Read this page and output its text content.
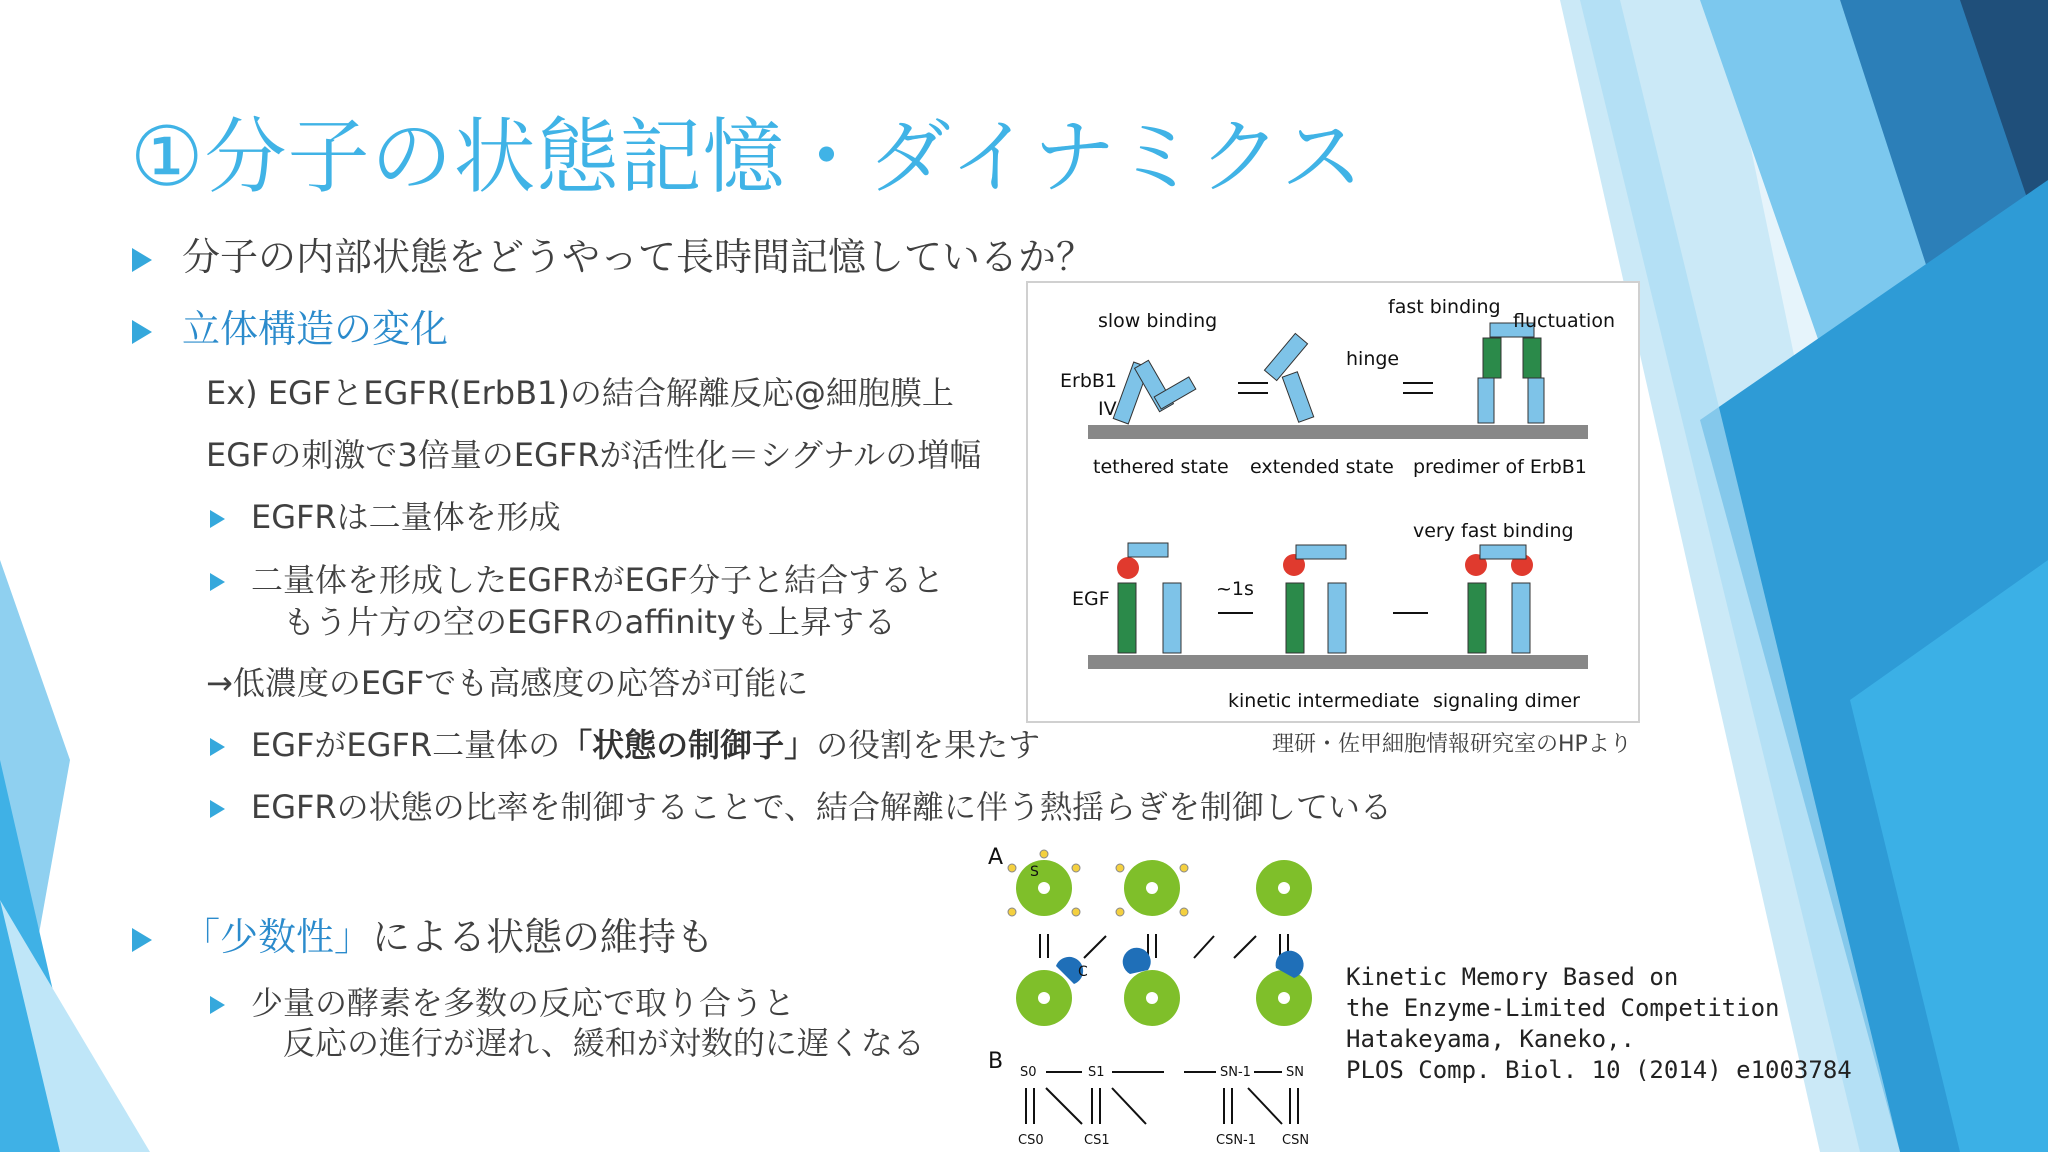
①分子の状態記憶・ダイナミクス
分子の内部状態をどうやって長時間記憶しているか？
立体構造の変化
Ex) EGFとEGFR(ErbB1)の結合解離反応@細胞膜上
EGFの刺激で3倍量のEGFRが活性化＝シグナルの増幅
EGFRは二量体を形成
二量体を形成したEGFRがEGF分子と結合すると
もう片方の空のEGFRのaffinityも上昇する
→低濃度のEGFでも高感度の応答が可能に
EGFがEGFR二量体の「状態の制御子」の役割を果たす
EGFRの状態の比率を制御することで、結合解離に伴う熱揺らぎを制御している
「少数性」による状態の維持も
少量の酵素を多数の反応で取り合うと
反応の進行が遅れ、緩和が対数的に遅くなる
slow binding
fast binding
fluctuation
hinge
ErbB1
IV
tethered state extended state predimer of ErbB1
very fast binding
EGF	~1s
kinetic intermediate signaling dimer
理研・佐甲細胞情報研究室のHPより
A
B
S
C
S0	S1	SN-1	SN
CS0	CS1	CSN-1 CSN
Kinetic Memory Based on
the Enzyme-Limited Competition
Hatakeyama, Kaneko,.
PLOS Comp. Biol. 10 (2014) e1003784
